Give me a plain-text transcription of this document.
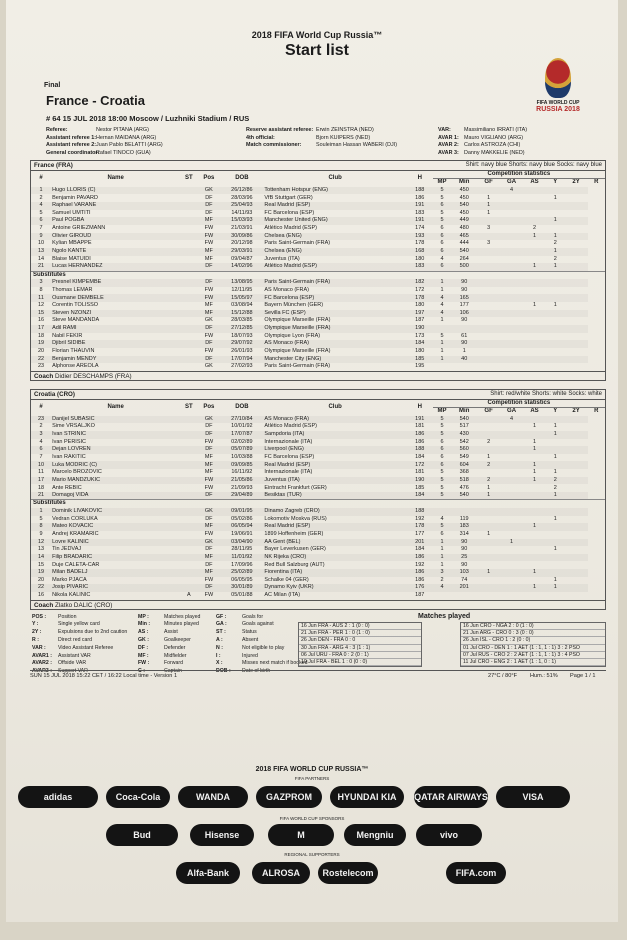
2018 FIFA World Cup Russia™
Start list
Final
France - Croatia
# 64 15 JUL 2018 18:00 Moscow / Luzhniki Stadium / RUS
FIFA WORLD CUP
RUSSIA 2018
Referee:	Nestor PITANA (ARG)
Assistant referee 1:Hernan MAIDANA (ARG)
Assistant referee 2:Juan Pablo BELATTI (ARG)
General coordinator:Rafael TINOCO (GUA)
Reserve assistant referee: Erwin ZEINSTRA (NED)
4th official:	Bjorn KUIPERS (NED)
Match commissioner:	Souleiman Hassan WABERI (DJI)
VAR: Massimiliano IRRATI (ITA)
AVAR 1: Mauro VIGLIANO (ARG)
AVAR 2: Carlos ASTROZA (CHI)
AVAR 3: Danny MAKKELIE (NED)
France (FRA)	Shirt: navy blue Shorts: navy blue Socks: navy blue
#	Name	ST	Pos	DOB	Club	H	Competition statistics							
							MP	Min	GF	GA	AS	Y	2Y	R
1	Hugo LLORIS (C)		GK	26/12/86	Tottenham Hotspur (ENG)	188	5	450		4				
2	Benjamin PAVARD		DF	28/03/96	VfB Stuttgart (GER)	186	5	450	1			1		
4	Raphael VARANE		DF	25/04/93	Real Madrid (ESP)	191	6	540	1					
5	Samuel UMTITI		DF	14/11/93	FC Barcelona (ESP)	183	5	450	1					
6	Paul POGBA		MF	15/03/93	Manchester United (ENG)	191	5	449				1		
7	Antoine GRIEZMANN		FW	21/03/91	Atlético Madrid (ESP)	174	6	480	3		2			
9	Olivier GIROUD		FW	30/09/86	Chelsea (ENG)	193	6	465			1	1		
10	Kylian MBAPPE		FW	20/12/98	Paris Saint-Germain (FRA)	178	6	444	3			2		
13	Ngolo KANTE		MF	29/03/91	Chelsea (ENG)	168	6	540				1		
14	Blaise MATUIDI		MF	09/04/87	Juventus (ITA)	180	4	264				2		
21	Lucas HERNANDEZ		DF	14/02/96	Atlético Madrid (ESP)	183	6	500			1	1		
Substitutes														
3	Presnel KIMPEMBE		DF	13/08/95	Paris Saint-Germain (FRA)	182	1	90						
8	Thomas LEMAR		FW	12/11/95	AS Monaco (FRA)	172	1	90						
11	Ousmane DEMBELE		FW	15/05/97	FC Barcelona (ESP)	178	4	165						
12	Corentin TOLISSO		MF	03/08/94	Bayern München (GER)	180	4	177			1	1		
15	Steven NZONZI		MF	15/12/88	Sevilla FC (ESP)	197	4	106						
16	Steve MANDANDA		GK	28/03/85	Olympique Marseille (FRA)	187	1	90						
17	Adil RAMI		DF	27/12/85	Olympique Marseille (FRA)	190								
18	Nabil FEKIR		FW	18/07/93	Olympique Lyon (FRA)	173	5	61						
19	Djibril SIDIBE		DF	29/07/92	AS Monaco (FRA)	184	1	90						
20	Florian THAUVIN		FW	26/01/93	Olympique Marseille (FRA)	180	1	1						
22	Benjamin MENDY		DF	17/07/94	Manchester City (ENG)	185	1	40						
23	Alphonse AREOLA		GK	27/02/93	Paris Saint-Germain (FRA)	195								
Coach Didier DESCHAMPS (FRA)
Croatia (CRO)	Shirt: red/white Shorts: white Socks: white
#	Name	ST	Pos	DOB	Club	H	Competition statistics							
							MP	Min	GF	GA	AS	Y	2Y	R
23	Danijel SUBASIC		GK	27/10/84	AS Monaco (FRA)	191	5	540		4				
2	Sime VRSALJKO		DF	10/01/92	Atlético Madrid (ESP)	181	5	517			1	1		
3	Ivan STRINIC		DF	17/07/87	Sampdoria (ITA)	186	5	430				1		
4	Ivan PERISIC		FW	02/02/89	Internazionale (ITA)	186	6	542	2		1			
6	Dejan LOVREN		DF	05/07/89	Liverpool (ENG)	188	6	560			1			
7	Ivan RAKITIC		MF	10/03/88	FC Barcelona (ESP)	184	6	549	1			1		
10	Luka MODRIC (C)		MF	09/09/85	Real Madrid (ESP)	172	6	604	2		1			
11	Marcelo BROZOVIC		MF	16/11/92	Internazionale (ITA)	181	5	368			1	1		
17	Mario MANDZUKIC		FW	21/05/86	Juventus (ITA)	190	5	518	2		1	2		
18	Ante REBIC		FW	21/09/93	Eintracht Frankfurt (GER)	185	5	476	1			2		
21	Domagoj VIDA		DF	29/04/89	Besiktas (TUR)	184	5	540	1			1		
Substitutes														
1	Dominik LIVAKOVIC		GK	09/01/95	Dinamo Zagreb (CRO)	188								
5	Vedran CORLUKA		DF	05/02/86	Lokomotiv Moskva (RUS)	192	4	119				1		
8	Mateo KOVACIC		MF	06/05/94	Real Madrid (ESP)	178	5	183			1			
9	Andrej KRAMARIC		FW	19/06/91	1899 Hoffenheim (GER)	177	6	314	1					
12	Lovre KALINIC		GK	03/04/90	AA Gent (BEL)	201	1	90		1				
13	Tin JEDVAJ		DF	28/11/95	Bayer Leverkusen (GER)	184	1	90				1		
14	Filip BRADARIC		MF	11/01/92	NK Rijeka (CRO)	186	1	25						
15	Duje CALETA-CAR		DF	17/09/96	Red Bull Salzburg (AUT)	192	1	90						
19	Milan BADELJ		MF	25/02/89	Fiorentina (ITA)	186	3	103	1		1			
20	Marko PJACA		FW	06/05/95	Schalke 04 (GER)	186	2	74				1		
22	Josip PIVARIC		DF	30/01/89	Dynamo Kyiv (UKR)	176	4	201			1	1		
16	Nikola KALINIC	A	FW	05/01/88	AC Milan (ITA)	187								
Coach Zlatko DALIC (CRO)
POS : Position
Y :	Single yellow card
2Y :	Expulsions due to 2nd caution
R :	Direct red card
VAR : Video Assistant Referee
AVAR1 : Assistant VAR
AVAR2 : Offside VAR
AVAR3 : Support VAR
MP :	Matches played
Min :	Minutes played
AS :	Assist
GK :	Goalkeeper
DF :	Defender
MF :	Midfielder
FW :	Forward
C :	Captain
GF :	Goals for
GA :	Goals against
ST :	Status
A :	Absent
N :	Not eligible to play
I :	Injured
X :	Misses next match if booked
DOB : Date of birth
Matches played
16 Jun FRA - AUS 2 : 1 (0 : 0)
21 Jun FRA - PER 1 : 0 (1 : 0)
26 Jun DEN - FRA 0 : 0
30 Jun FRA - ARG 4 : 3 (1 : 1)
06 Jul URU - FRA 0 : 2 (0 : 1)
10 Jul FRA - BEL 1 : 0 (0 : 0)
16 Jun CRO - NGA 2 : 0 (1 : 0)
21 Jun ARG - CRO 0 : 3 (0 : 0)
26 Jun ISL - CRO 1 : 2 (0 : 0)
01 Jul CRO - DEN 1 : 1 AET (1 : 1, 1 : 1) 3 : 2 PSO
07 Jul RUS - CRO 2 : 2 AET (1 : 1, 1 : 1) 3 : 4 PSO
11 Jul CRO - ENG 2 : 1 AET (1 : 1, 0 : 1)
SUN 15 JUL 2018 15:22 CET / 16:22 Local time - Version 1	27°C / 80°F Hum.: 51% Page 1 / 1
2018 FIFA WORLD CUP RUSSIA™
FIFA PARTNERS
adidas	Coca-Cola	WANDA	GAZPROM	HYUNDAI KIA	QATAR AIRWAYS	VISA
FIFA WORLD CUP SPONSORS
Bud	Hisense	M	Mengniu	vivo
REGIONAL SUPPORTERS
Alfa-Bank	ALROSA	Rostelecom	FIFA.com
